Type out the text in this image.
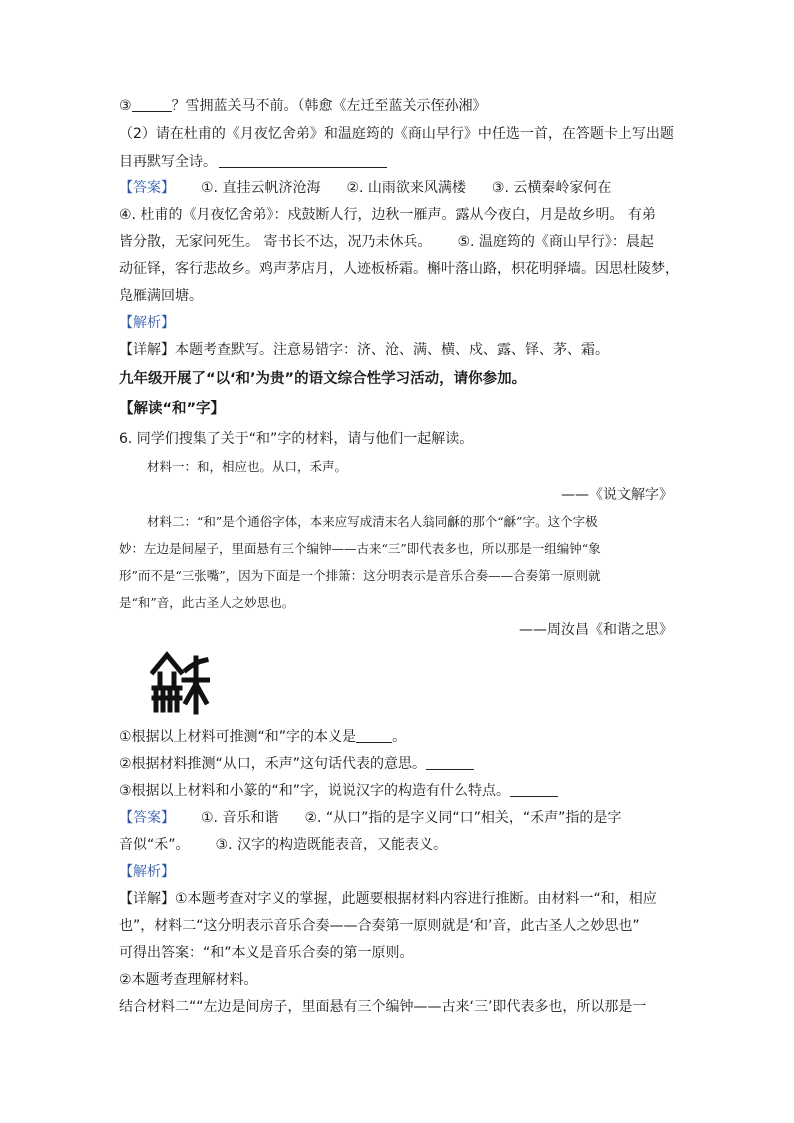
③	？雪拥蓝关马不前。（韩愈《左迁至蓝关示侄孙湘》
（2）请在杜甫的《月夜忆舍弟》和温庭筠的《商山早行》中任选一首，在答题卡上写出题
目再默写全诗。
【答案】 ①. 直挂云帆济沧海 ②. 山雨欲来风满楼 ③. 云横秦岭家何在
④. 杜甫的《月夜忆舍弟》：戍鼓断人行，边秋一雁声。露从今夜白，月是故乡明。 有弟
皆分散，无家问死生。 寄书长不达，况乃未休兵。 ⑤. 温庭筠的《商山早行》：晨起
动征铎，客行悲故乡。鸡声茅店月，人迹板桥霜。槲叶落山路，枳花明驿墙。因思杜陵梦，
凫雁满回塘。
【解析】
【详解】本题考查默写。注意易错字：济、沧、满、横、戍、露、铎、茅、霜。
九年级开展了“以‘和’为贵”的语文综合性学习活动，请你参加。
【解读“和”字】
6. 同学们搜集了关于“和”字的材料，请与他们一起解读。
材料一：和，相应也。从口，禾声。
——《说文解字》
材料二：“和”是个通俗字体，本来应写成清末名人翁同龢的那个“龢”字。这个字极
妙：左边是间屋子，里面悬有三个编钟——古来“三”即代表多也，所以那是一组编钟“象
形”而不是“三张嘴”，因为下面是一个排箫：这分明表示是音乐合奏——合奏第一原则就
是“和”音，此古圣人之妙思也。
——周汝昌《和谐之思》
①根据以上材料可推测“和”字的本义是	。
②根据材料推测“从口，禾声”这句话代表的意思。
③根据以上材料和小篆的“和”字，说说汉字的构造有什么特点。
【答案】 ①. 音乐和谐 ②. “从口”指的是字义同“口”相关，“禾声”指的是字
音似“禾”。 ③. 汉字的构造既能表音，又能表义。
【解析】
【详解】①本题考查对字义的掌握，此题要根据材料内容进行推断。由材料一“和，相应
也”，材料二“这分明表示音乐合奏——合奏第一原则就是‘和’音，此古圣人之妙思也”
可得出答案：“和”本义是音乐合奏的第一原则。
②本题考查理解材料。
结合材料二““左边是间房子，里面悬有三个编钟——古来‘三’即代表多也，所以那是一
